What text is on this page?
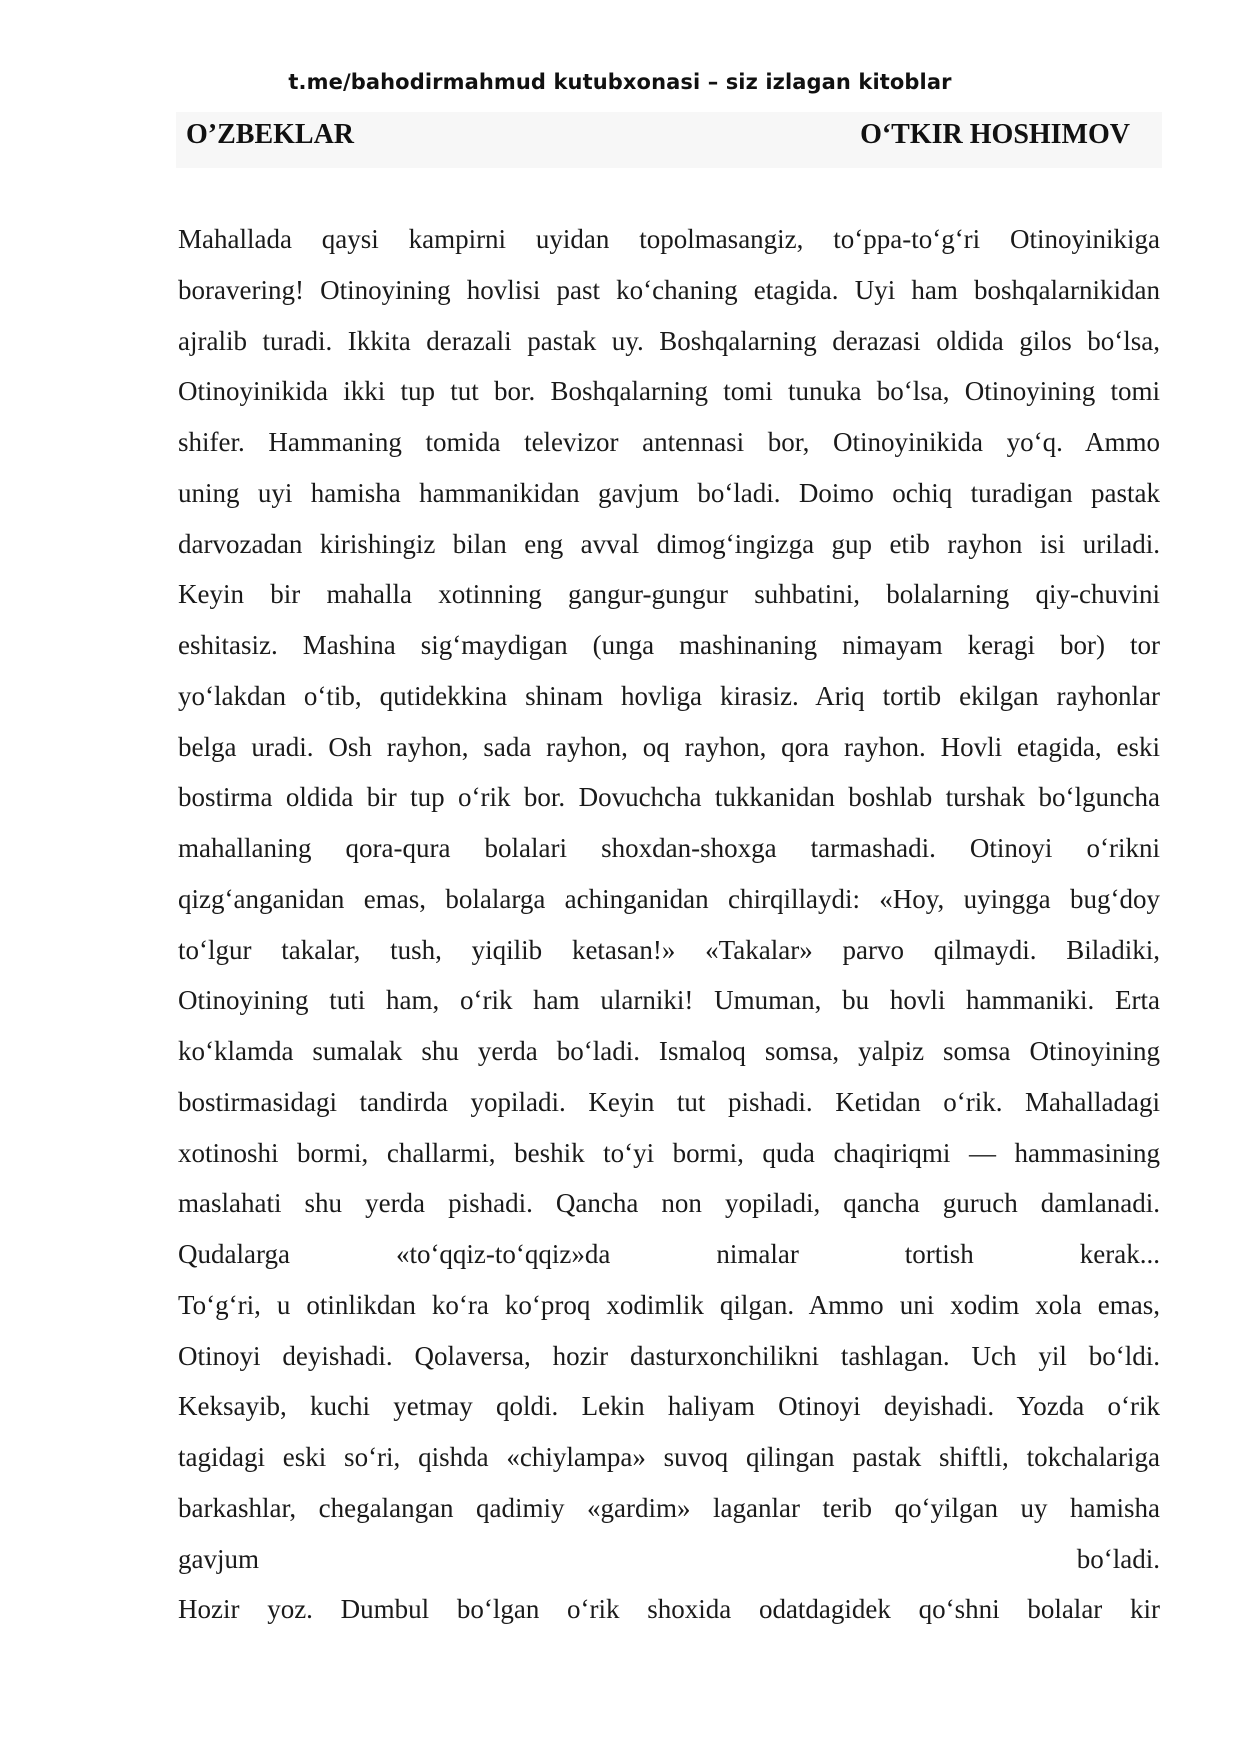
t.me/bahodirmahmud kutubxonasi – siz izlagan kitoblar
O’ZBEKLAR	O‘TKIR HOSHIMOV
Mahallada qaysi kampirni uyidan topolmasangiz, to‘ppa-to‘g‘ri Otinoyinikiga
boravering! Otinoyining hovlisi past ko‘chaning etagida. Uyi ham boshqalarnikidan
ajralib turadi. Ikkita derazali pastak uy. Boshqalarning derazasi oldida gilos bo‘lsa,
Otinoyinikida ikki tup tut bor. Boshqalarning tomi tunuka bo‘lsa, Otinoyining tomi
shifer. Hammaning tomida televizor antennasi bor, Otinoyinikida yo‘q. Ammo
uning uyi hamisha hammanikidan gavjum bo‘ladi. Doimo ochiq turadigan pastak
darvozadan kirishingiz bilan eng avval dimog‘ingizga gup etib rayhon isi uriladi.
Keyin bir mahalla xotinning gangur-gungur suhbatini, bolalarning qiy-chuvini
eshitasiz. Mashina sig‘maydigan (unga mashinaning nimayam keragi bor) tor
yo‘lakdan o‘tib, qutidekkina shinam hovliga kirasiz. Ariq tortib ekilgan rayhonlar
belga uradi. Osh rayhon, sada rayhon, oq rayhon, qora rayhon. Hovli etagida, eski
bostirma oldida bir tup o‘rik bor. Dovuchcha tukkanidan boshlab turshak bo‘lguncha
mahallaning qora-qura bolalari shoxdan-shoxga tarmashadi. Otinoyi o‘rikni
qizg‘anganidan emas, bolalarga achinganidan chirqillaydi: «Hoy, uyingga bug‘doy
to‘lgur takalar, tush, yiqilib ketasan!» «Takalar» parvo qilmaydi. Biladiki,
Otinoyining tuti ham, o‘rik ham ularniki! Umuman, bu hovli hammaniki. Erta
ko‘klamda sumalak shu yerda bo‘ladi. Ismaloq somsa, yalpiz somsa Otinoyining
bostirmasidagi tandirda yopiladi. Keyin tut pishadi. Ketidan o‘rik. Mahalladagi
xotinoshi bormi, challarmi, beshik to‘yi bormi, quda chaqiriqmi — hammasining
maslahati shu yerda pishadi. Qancha non yopiladi, qancha guruch damlanadi.
Qudalarga «to‘qqiz-to‘qqiz»da nimalar tortish kerak...
To‘g‘ri, u otinlikdan ko‘ra ko‘proq xodimlik qilgan. Ammo uni xodim xola emas,
Otinoyi deyishadi. Qolaversa, hozir dasturxonchilikni tashlagan. Uch yil bo‘ldi.
Keksayib, kuchi yetmay qoldi. Lekin haliyam Otinoyi deyishadi. Yozda o‘rik
tagidagi eski so‘ri, qishda «chiylampa» suvoq qilingan pastak shiftli, tokchalariga
barkashlar, chegalangan qadimiy «gardim» laganlar terib qo‘yilgan uy hamisha
gavjum bo‘ladi.
Hozir yoz. Dumbul bo‘lgan o‘rik shoxida odatdagidek qo‘shni bolalar kir
